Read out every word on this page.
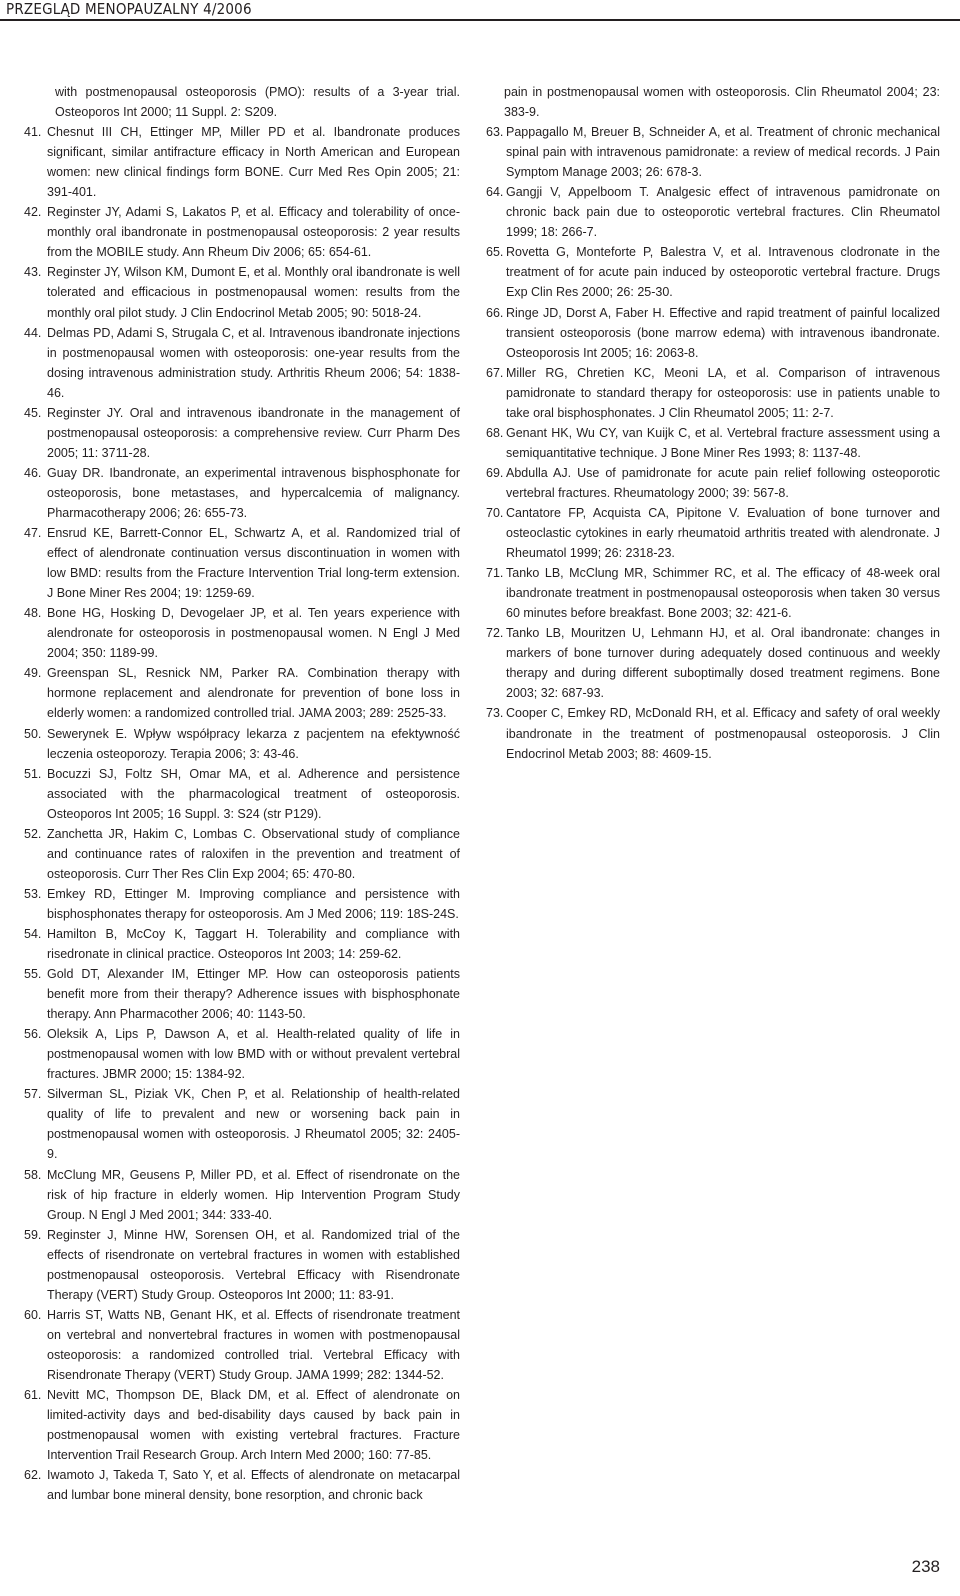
PRZEGLĄD MENOPAUZALNY 4/2006

with postmenopausal osteoporosis (PMO): results of a 3-year trial. Osteoporos Int 2000; 11 Suppl. 2: S209.

41. Chesnut III CH, Ettinger MP, Miller PD et al. Ibandronate produces significant, similar antifracture efficacy in North American and European women: new clinical findings form BONE. Curr Med Res Opin 2005; 21: 391-401.

42. Reginster JY, Adami S, Lakatos P, et al. Efficacy and tolerability of once-monthly oral ibandronate in postmenopausal osteoporosis: 2 year results from the MOBILE study. Ann Rheum Div 2006; 65: 654-61.

43. Reginster JY, Wilson KM, Dumont E, et al. Monthly oral ibandronate is well tolerated and efficacious in postmenopausal women: results from the monthly oral pilot study. J Clin Endocrinol Metab 2005; 90: 5018-24.

44. Delmas PD, Adami S, Strugala C, et al. Intravenous ibandronate injections in postmenopausal women with osteoporosis: one-year results from the dosing intravenous administration study. Arthritis Rheum 2006; 54: 1838-46.

45. Reginster JY. Oral and intravenous ibandronate in the management of postmenopausal osteoporosis: a comprehensive review. Curr Pharm Des 2005; 11: 3711-28.

46. Guay DR. Ibandronate, an experimental intravenous bisphosphonate for osteoporosis, bone metastases, and hypercalcemia of malignancy. Pharmacotherapy 2006; 26: 655-73.

47. Ensrud KE, Barrett-Connor EL, Schwartz A, et al. Randomized trial of effect of alendronate continuation versus discontinuation in women with low BMD: results from the Fracture Intervention Trial long-term extension. J Bone Miner Res 2004; 19: 1259-69.

48. Bone HG, Hosking D, Devogelaer JP, et al. Ten years experience with alendronate for osteoporosis in postmenopausal women. N Engl J Med 2004; 350: 1189-99.

49. Greenspan SL, Resnick NM, Parker RA. Combination therapy with hormone replacement and alendronate for prevention of bone loss in elderly women: a randomized controlled trial. JAMA 2003; 289: 2525-33.

50. Sewerynek E. Wpływ współpracy lekarza z pacjentem na efektywność leczenia osteoporozy. Terapia 2006; 3: 43-46.

51. Bocuzzi SJ, Foltz SH, Omar MA, et al. Adherence and persistence associated with the pharmacological treatment of osteoporosis. Osteoporos Int 2005; 16 Suppl. 3: S24 (str P129).

52. Zanchetta JR, Hakim C, Lombas C. Observational study of compliance and continuance rates of raloxifen in the prevention and treatment of osteoporosis. Curr Ther Res Clin Exp 2004; 65: 470-80.

53. Emkey RD, Ettinger M. Improving compliance and persistence with bisphosphonates therapy for osteoporosis. Am J Med 2006; 119: 18S-24S.

54. Hamilton B, McCoy K, Taggart H. Tolerability and compliance with risedronate in clinical practice. Osteoporos Int 2003; 14: 259-62.

55. Gold DT, Alexander IM, Ettinger MP. How can osteoporosis patients benefit more from their therapy? Adherence issues with bisphosphonate therapy. Ann Pharmacother 2006; 40: 1143-50.

56. Oleksik A, Lips P, Dawson A, et al. Health-related quality of life in postmenopausal women with low BMD with or without prevalent vertebral fractures. JBMR 2000; 15: 1384-92.

57. Silverman SL, Piziak VK, Chen P, et al. Relationship of health-related quality of life to prevalent and new or worsening back pain in postmenopausal women with osteoporosis. J Rheumatol 2005; 32: 2405-9.

58. McClung MR, Geusens P, Miller PD, et al. Effect of risendronate on the risk of hip fracture in elderly women. Hip Intervention Program Study Group. N Engl J Med 2001; 344: 333-40.

59. Reginster J, Minne HW, Sorensen OH, et al. Randomized trial of the effects of risendronate on vertebral fractures in women with established postmenopausal osteoporosis. Vertebral Efficacy with Risendronate Therapy (VERT) Study Group. Osteoporos Int 2000; 11: 83-91.

60. Harris ST, Watts NB, Genant HK, et al. Effects of risendronate treatment on vertebral and nonvertebral fractures in women with postmenopausal osteoporosis: a randomized controlled trial. Vertebral Efficacy with Risendronate Therapy (VERT) Study Group. JAMA 1999; 282: 1344-52.

61. Nevitt MC, Thompson DE, Black DM, et al. Effect of alendronate on limited-activity days and bed-disability days caused by back pain in postmenopausal women with existing vertebral fractures. Fracture Intervention Trail Research Group. Arch Intern Med 2000; 160: 77-85.

62. Iwamoto J, Takeda T, Sato Y, et al. Effects of alendronate on metacarpal and lumbar bone mineral density, bone resorption, and chronic back

pain in postmenopausal women with osteoporosis. Clin Rheumatol 2004; 23: 383-9.

63. Pappagallo M, Breuer B, Schneider A, et al. Treatment of chronic mechanical spinal pain with intravenous pamidronate: a review of medical records. J Pain Symptom Manage 2003; 26: 678-3.

64. Gangji V, Appelboom T. Analgesic effect of intravenous pamidronate on chronic back pain due to osteoporotic vertebral fractures. Clin Rheumatol 1999; 18: 266-7.

65. Rovetta G, Monteforte P, Balestra V, et al. Intravenous clodronate in the treatment of for acute pain induced by osteoporotic vertebral fracture. Drugs Exp Clin Res 2000; 26: 25-30.

66. Ringe JD, Dorst A, Faber H. Effective and rapid treatment of painful localized transient osteoporosis (bone marrow edema) with intravenous ibandronate. Osteoporosis Int 2005; 16: 2063-8.

67. Miller RG, Chretien KC, Meoni LA, et al. Comparison of intravenous pamidronate to standard therapy for osteoporosis: use in patients unable to take oral bisphosphonates. J Clin Rheumatol 2005; 11: 2-7.

68. Genant HK, Wu CY, van Kuijk C, et al. Vertebral fracture assessment using a semiquantitative technique. J Bone Miner Res 1993; 8: 1137-48.

69. Abdulla AJ. Use of pamidronate for acute pain relief following osteoporotic vertebral fractures. Rheumatology 2000; 39: 567-8.

70. Cantatore FP, Acquista CA, Pipitone V. Evaluation of bone turnover and osteoclastic cytokines in early rheumatoid arthritis treated with alendronate. J Rheumatol 1999; 26: 2318-23.

71. Tanko LB, McClung MR, Schimmer RC, et al. The efficacy of 48-week oral ibandronate treatment in postmenopausal osteoporosis when taken 30 versus 60 minutes before breakfast. Bone 2003; 32: 421-6.

72. Tanko LB, Mouritzen U, Lehmann HJ, et al. Oral ibandronate: changes in markers of bone turnover during adequately dosed continuous and weekly therapy and during different suboptimally dosed treatment regimens. Bone 2003; 32: 687-93.

73. Cooper C, Emkey RD, McDonald RH, et al. Efficacy and safety of oral weekly ibandronate in the treatment of postmenopausal osteoporosis. J Clin Endocrinol Metab 2003; 88: 4609-15.

238
